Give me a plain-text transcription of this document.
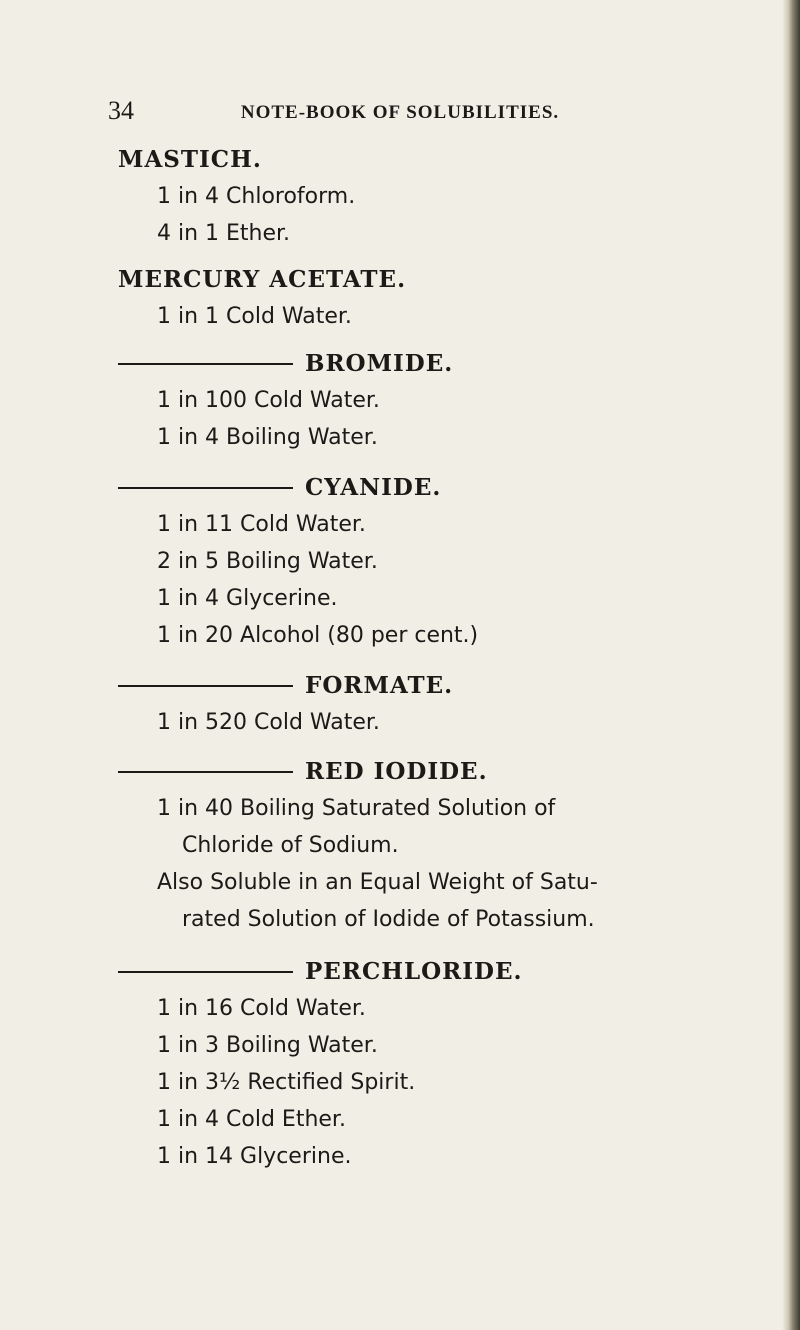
34	NOTE-BOOK OF SOLUBILITIES.
MASTICH.
1 in 4 Chloroform.
4 in 1 Ether.
MERCURY ACETATE.
1 in 1 Cold Water.
BROMIDE.
1 in 100 Cold Water.
1 in 4 Boiling Water.
CYANIDE.
1 in 11 Cold Water.
2 in 5 Boiling Water.
1 in 4 Glycerine.
1 in 20 Alcohol (80 per cent.)
FORMATE.
1 in 520 Cold Water.
RED IODIDE.
1 in 40 Boiling Saturated Solution of
Chloride of Sodium.
Also Soluble in an Equal Weight of Satu-
rated Solution of Iodide of Potassium.
PERCHLORIDE.
1 in 16 Cold Water.
1 in 3 Boiling Water.
1 in 3½ Rectified Spirit.
1 in 4 Cold Ether.
1 in 14 Glycerine.
